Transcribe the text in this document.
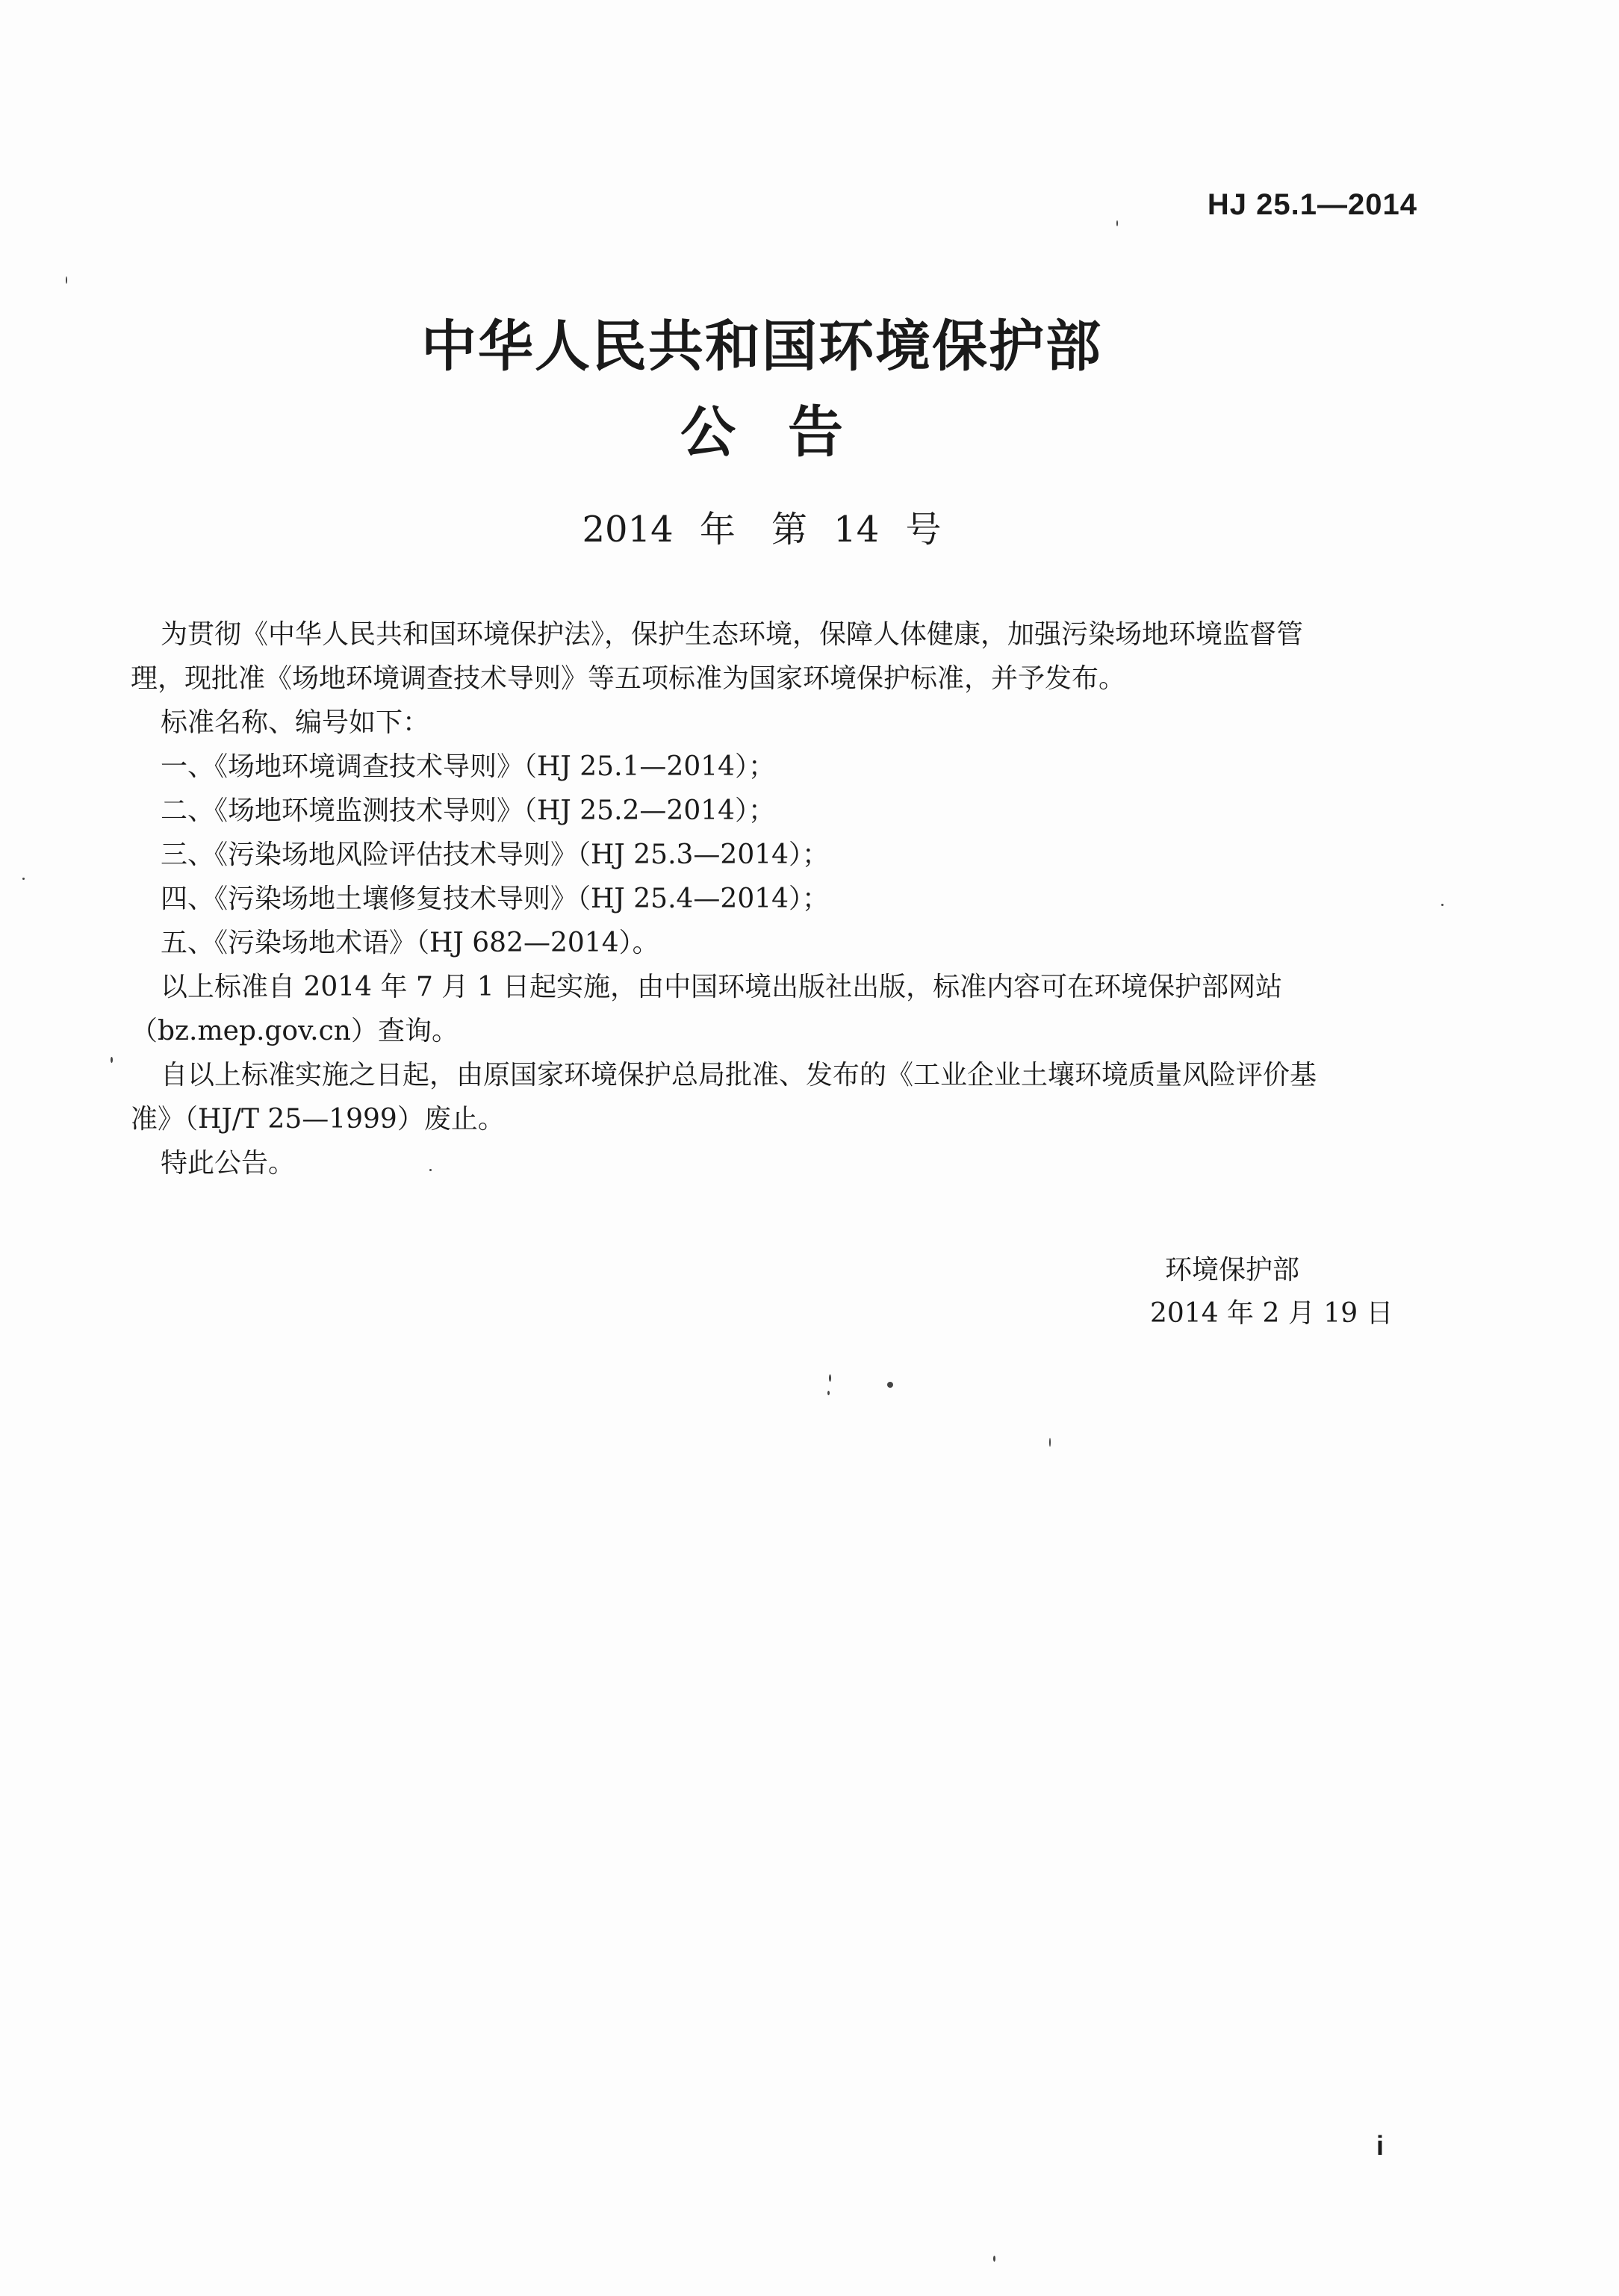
HJ 25.1—2014
中华人民共和国环境保护部
公告
2014 年　第 14 号

为贯彻《中华人民共和国环境保护法》，保护生态环境，保障人体健康，加强污染场地环境监督管

理，现批准《场地环境调查技术导则》等五项标准为国家环境保护标准，并予发布。

标准名称、编号如下：

一、《场地环境调查技术导则》（HJ 25.1—2014）；

二、《场地环境监测技术导则》（HJ 25.2—2014）；

三、《污染场地风险评估技术导则》（HJ 25.3—2014）；

四、《污染场地土壤修复技术导则》（HJ 25.4—2014）；

五、《污染场地术语》（HJ 682—2014）。

以上标准自 2014 年 7 月 1 日起实施，由中国环境出版社出版，标准内容可在环境保护部网站

（bz.mep.gov.cn）查询。

自以上标准实施之日起，由原国家环境保护总局批准、发布的《工业企业土壤环境质量风险评价基

准》（HJ/T 25—1999）废止。

特此公告。

环境保护部
2014 年 2 月 19 日
i
